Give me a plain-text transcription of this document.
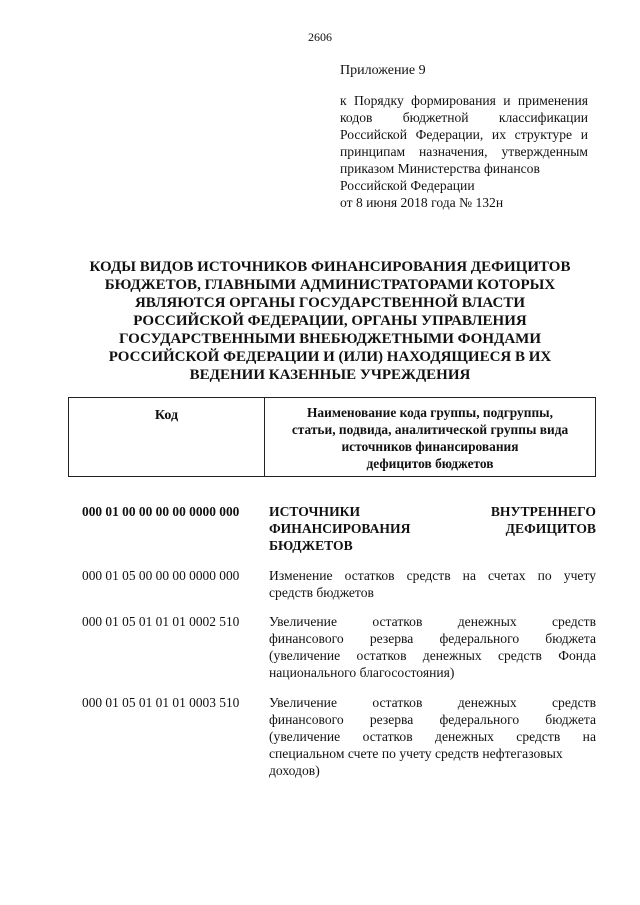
2606
Приложение 9
к Порядку формирования и применения
кодов бюджетной классификации
Российской Федерации, их структуре и
принципам назначения, утвержденным
приказом Министерства финансов
Российской Федерации
от 8 июня 2018 года № 132н
КОДЫ ВИДОВ ИСТОЧНИКОВ ФИНАНСИРОВАНИЯ ДЕФИЦИТОВ
БЮДЖЕТОВ, ГЛАВНЫМИ АДМИНИСТРАТОРАМИ КОТОРЫХ
ЯВЛЯЮТСЯ ОРГАНЫ ГОСУДАРСТВЕННОЙ ВЛАСТИ
РОССИЙСКОЙ ФЕДЕРАЦИИ, ОРГАНЫ УПРАВЛЕНИЯ
ГОСУДАРСТВЕННЫМИ ВНЕБЮДЖЕТНЫМИ ФОНДАМИ
РОССИЙСКОЙ ФЕДЕРАЦИИ И (ИЛИ) НАХОДЯЩИЕСЯ В ИХ
ВЕДЕНИИ КАЗЕННЫЕ УЧРЕЖДЕНИЯ
Код	Наименование кода группы, подгруппы,
статьи, подвида, аналитической группы вида
источников финансирования
дефицитов бюджетов
000 01 00 00 00 00 0000 000	ИСТОЧНИКИ ВНУТРЕННЕГО
ФИНАНСИРОВАНИЯ ДЕФИЦИТОВ
БЮДЖЕТОВ
000 01 05 00 00 00 0000 000	Изменение остатков средств на счетах по учету
средств бюджетов
000 01 05 01 01 01 0002 510	Увеличение остатков денежных средств
финансового резерва федерального бюджета
(увеличение остатков денежных средств Фонда
национального благосостояния)
000 01 05 01 01 01 0003 510	Увеличение остатков денежных средств
финансового резерва федерального бюджета
(увеличение остатков денежных средств на
специальном счете по учету средств нефтегазовых
доходов)
